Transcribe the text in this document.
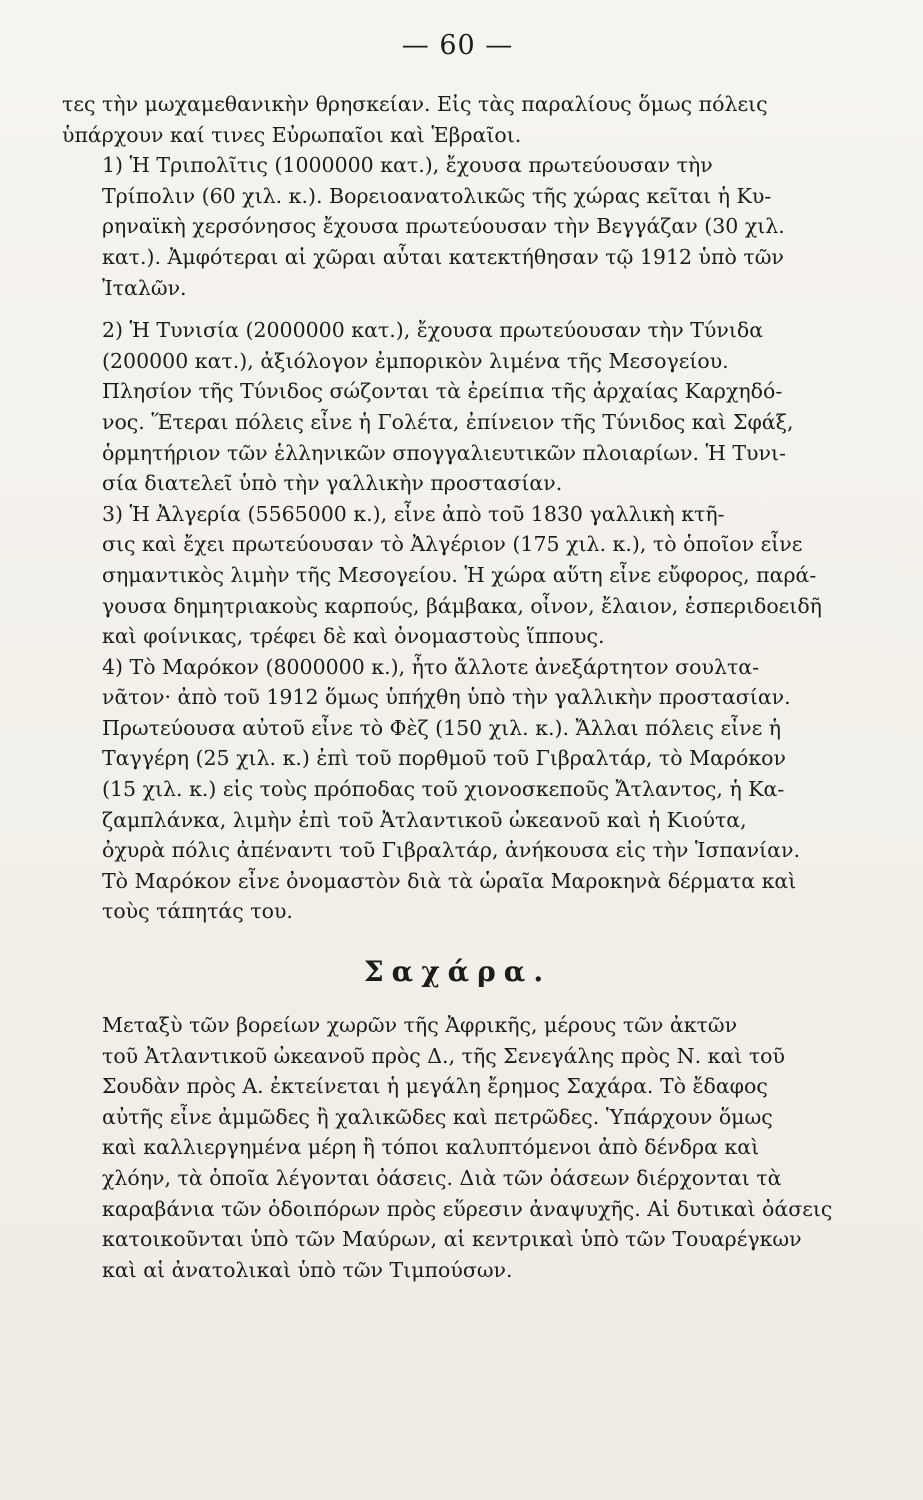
— 60 —
τες τὴν μωχαμεθανικὴν θρησκείαν. Εἰς τὰς παραλίους ὅμως πόλεις
ὑπάρχουν καί τινες Εὐρωπαῖοι καὶ Ἑβραῖοι.
1) Ἡ Τριπολῖτις (1000000 κατ.), ἔχουσα πρωτεύουσαν τὴν
Τρίπολιν (60 χιλ. κ.). Βορειοανατολικῶς τῆς χώρας κεῖται ἡ Κυ-
ρηναϊκὴ χερσόνησος ἔχουσα πρωτεύουσαν τὴν Βεγγάζαν (30 χιλ.
κατ.). Ἀμφότεραι αἱ χῶραι αὗται κατεκτήθησαν τῷ 1912 ὑπὸ τῶν
Ἰταλῶν.
2) Ἡ Τυνισία (2000000 κατ.), ἔχουσα πρωτεύουσαν τὴν Τύνιδα
(200000 κατ.), ἀξιόλογον ἐμπορικὸν λιμένα τῆς Μεσογείου.
Πλησίον τῆς Τύνιδος σώζονται τὰ ἐρείπια τῆς ἀρχαίας Καρχηδό-
νος. Ἕτεραι πόλεις εἶνε ἡ Γολέτα, ἐπίνειον τῆς Τύνιδος καὶ Σφάξ,
ὁρμητήριον τῶν ἑλληνικῶν σπογγαλιευτικῶν πλοιαρίων. Ἡ Τυνι-
σία διατελεῖ ὑπὸ τὴν γαλλικὴν προστασίαν.
3) Ἡ Ἀλγερία (5565000 κ.), εἶνε ἀπὸ τοῦ 1830 γαλλικὴ κτῆ-
σις καὶ ἔχει πρωτεύουσαν τὸ Ἀλγέριον (175 χιλ. κ.), τὸ ὁποῖον εἶνε
σημαντικὸς λιμὴν τῆς Μεσογείου. Ἡ χώρα αὕτη εἶνε εὔφορος, παρά-
γουσα δημητριακοὺς καρπούς, βάμβακα, οἶνον, ἔλαιον, ἑσπεριδοειδῆ
καὶ φοίνικας, τρέφει δὲ καὶ ὀνομαστοὺς ἵππους.
4) Τὸ Μαρόκον (8000000 κ.), ἦτο ἄλλοτε ἀνεξάρτητον σουλτα-
νᾶτον· ἀπὸ τοῦ 1912 ὅμως ὑπήχθη ὑπὸ τὴν γαλλικὴν προστασίαν.
Πρωτεύουσα αὐτοῦ εἶνε τὸ Φὲζ (150 χιλ. κ.). Ἄλλαι πόλεις εἶνε ἡ
Ταγγέρη (25 χιλ. κ.) ἐπὶ τοῦ πορθμοῦ τοῦ Γιβραλτάρ, τὸ Μαρόκον
(15 χιλ. κ.) εἰς τοὺς πρόποδας τοῦ χιονοσκεποῦς Ἄτλαντος, ἡ Κα-
ζαμπλάνκα, λιμὴν ἐπὶ τοῦ Ἀτλαντικοῦ ὠκεανοῦ καὶ ἡ Κιούτα,
ὀχυρὰ πόλις ἀπέναντι τοῦ Γιβραλτάρ, ἀνήκουσα εἰς τὴν Ἱσπανίαν.
Τὸ Μαρόκον εἶνε ὀνομαστὸν διὰ τὰ ὡραῖα Μαροκηνὰ δέρματα καὶ
τοὺς τάπητάς του.
Σαχάρα.
Μεταξὺ τῶν βορείων χωρῶν τῆς Ἀφρικῆς, μέρους τῶν ἀκτῶν
τοῦ Ἀτλαντικοῦ ὠκεανοῦ πρὸς Δ., τῆς Σενεγάλης πρὸς Ν. καὶ τοῦ
Σουδὰν πρὸς Α. ἐκτείνεται ἡ μεγάλη ἔρημος Σαχάρα. Τὸ ἔδαφος
αὐτῆς εἶνε ἀμμῶδες ἢ χαλικῶδες καὶ πετρῶδες. Ὑπάρχουν ὅμως
καὶ καλλιεργημένα μέρη ἢ τόποι καλυπτόμενοι ἀπὸ δένδρα καὶ
χλόην, τὰ ὁποῖα λέγονται ὀάσεις. Διὰ τῶν ὀάσεων διέρχονται τὰ
καραβάνια τῶν ὁδοιπόρων πρὸς εὕρεσιν ἀναψυχῆς. Αἱ δυτικαὶ ὀάσεις
κατοικοῦνται ὑπὸ τῶν Μαύρων, αἱ κεντρικαὶ ὑπὸ τῶν Τουαρέγκων
καὶ αἱ ἀνατολικαὶ ὑπὸ τῶν Τιμπούσων.
